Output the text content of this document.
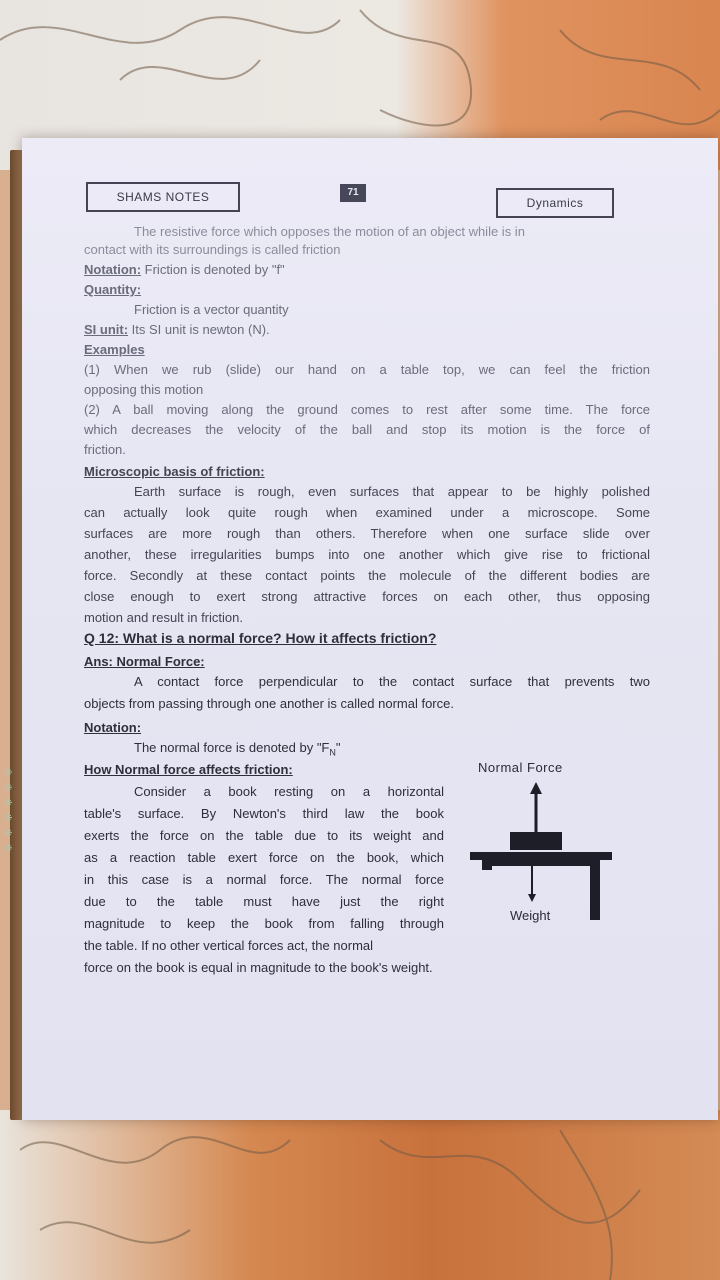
⁜ ⁜ ⁜ ⁜ ⁜ ⁜
SHAMS NOTES	71
Dynamics
The resistive force which opposes the motion of an object while is in
contact with its surroundings is called friction
Notation: Friction is denoted by "f"
Quantity:
Friction is a vector quantity
SI unit: Its SI unit is newton (N).
Examples
(1) When we rub (slide) our hand on a table top, we can feel the friction
opposing this motion
(2) A ball moving along the ground comes to rest after some time. The force
which decreases the velocity of the ball and stop its motion is the force of
friction.
Microscopic basis of friction:
Earth surface is rough, even surfaces that appear to be highly polished
can actually look quite rough when examined under a microscope. Some
surfaces are more rough than others. Therefore when one surface slide over
another, these irregularities bumps into one another which give rise to frictional
force. Secondly at these contact points the molecule of the different bodies are
close enough to exert strong attractive forces on each other, thus opposing
motion and result in friction.
Q 12: What is a normal force? How it affects friction?
Ans: Normal Force:
A contact force perpendicular to the contact surface that prevents two
objects from passing through one another is called normal force.
Notation:
The normal force is denoted by "$F_N$"
How Normal force affects friction:
Consider a book resting on a horizontal
table's surface. By Newton's third law the book
exerts the force on the table due to its weight and
as a reaction table exert force on the book, which
in this case is a normal force. The normal force
due to the table must have just the right
magnitude to keep the book from falling through
the table. If no other vertical forces act, the normal
force on the book is equal in magnitude to the book's weight.
Normal Force
Weight
